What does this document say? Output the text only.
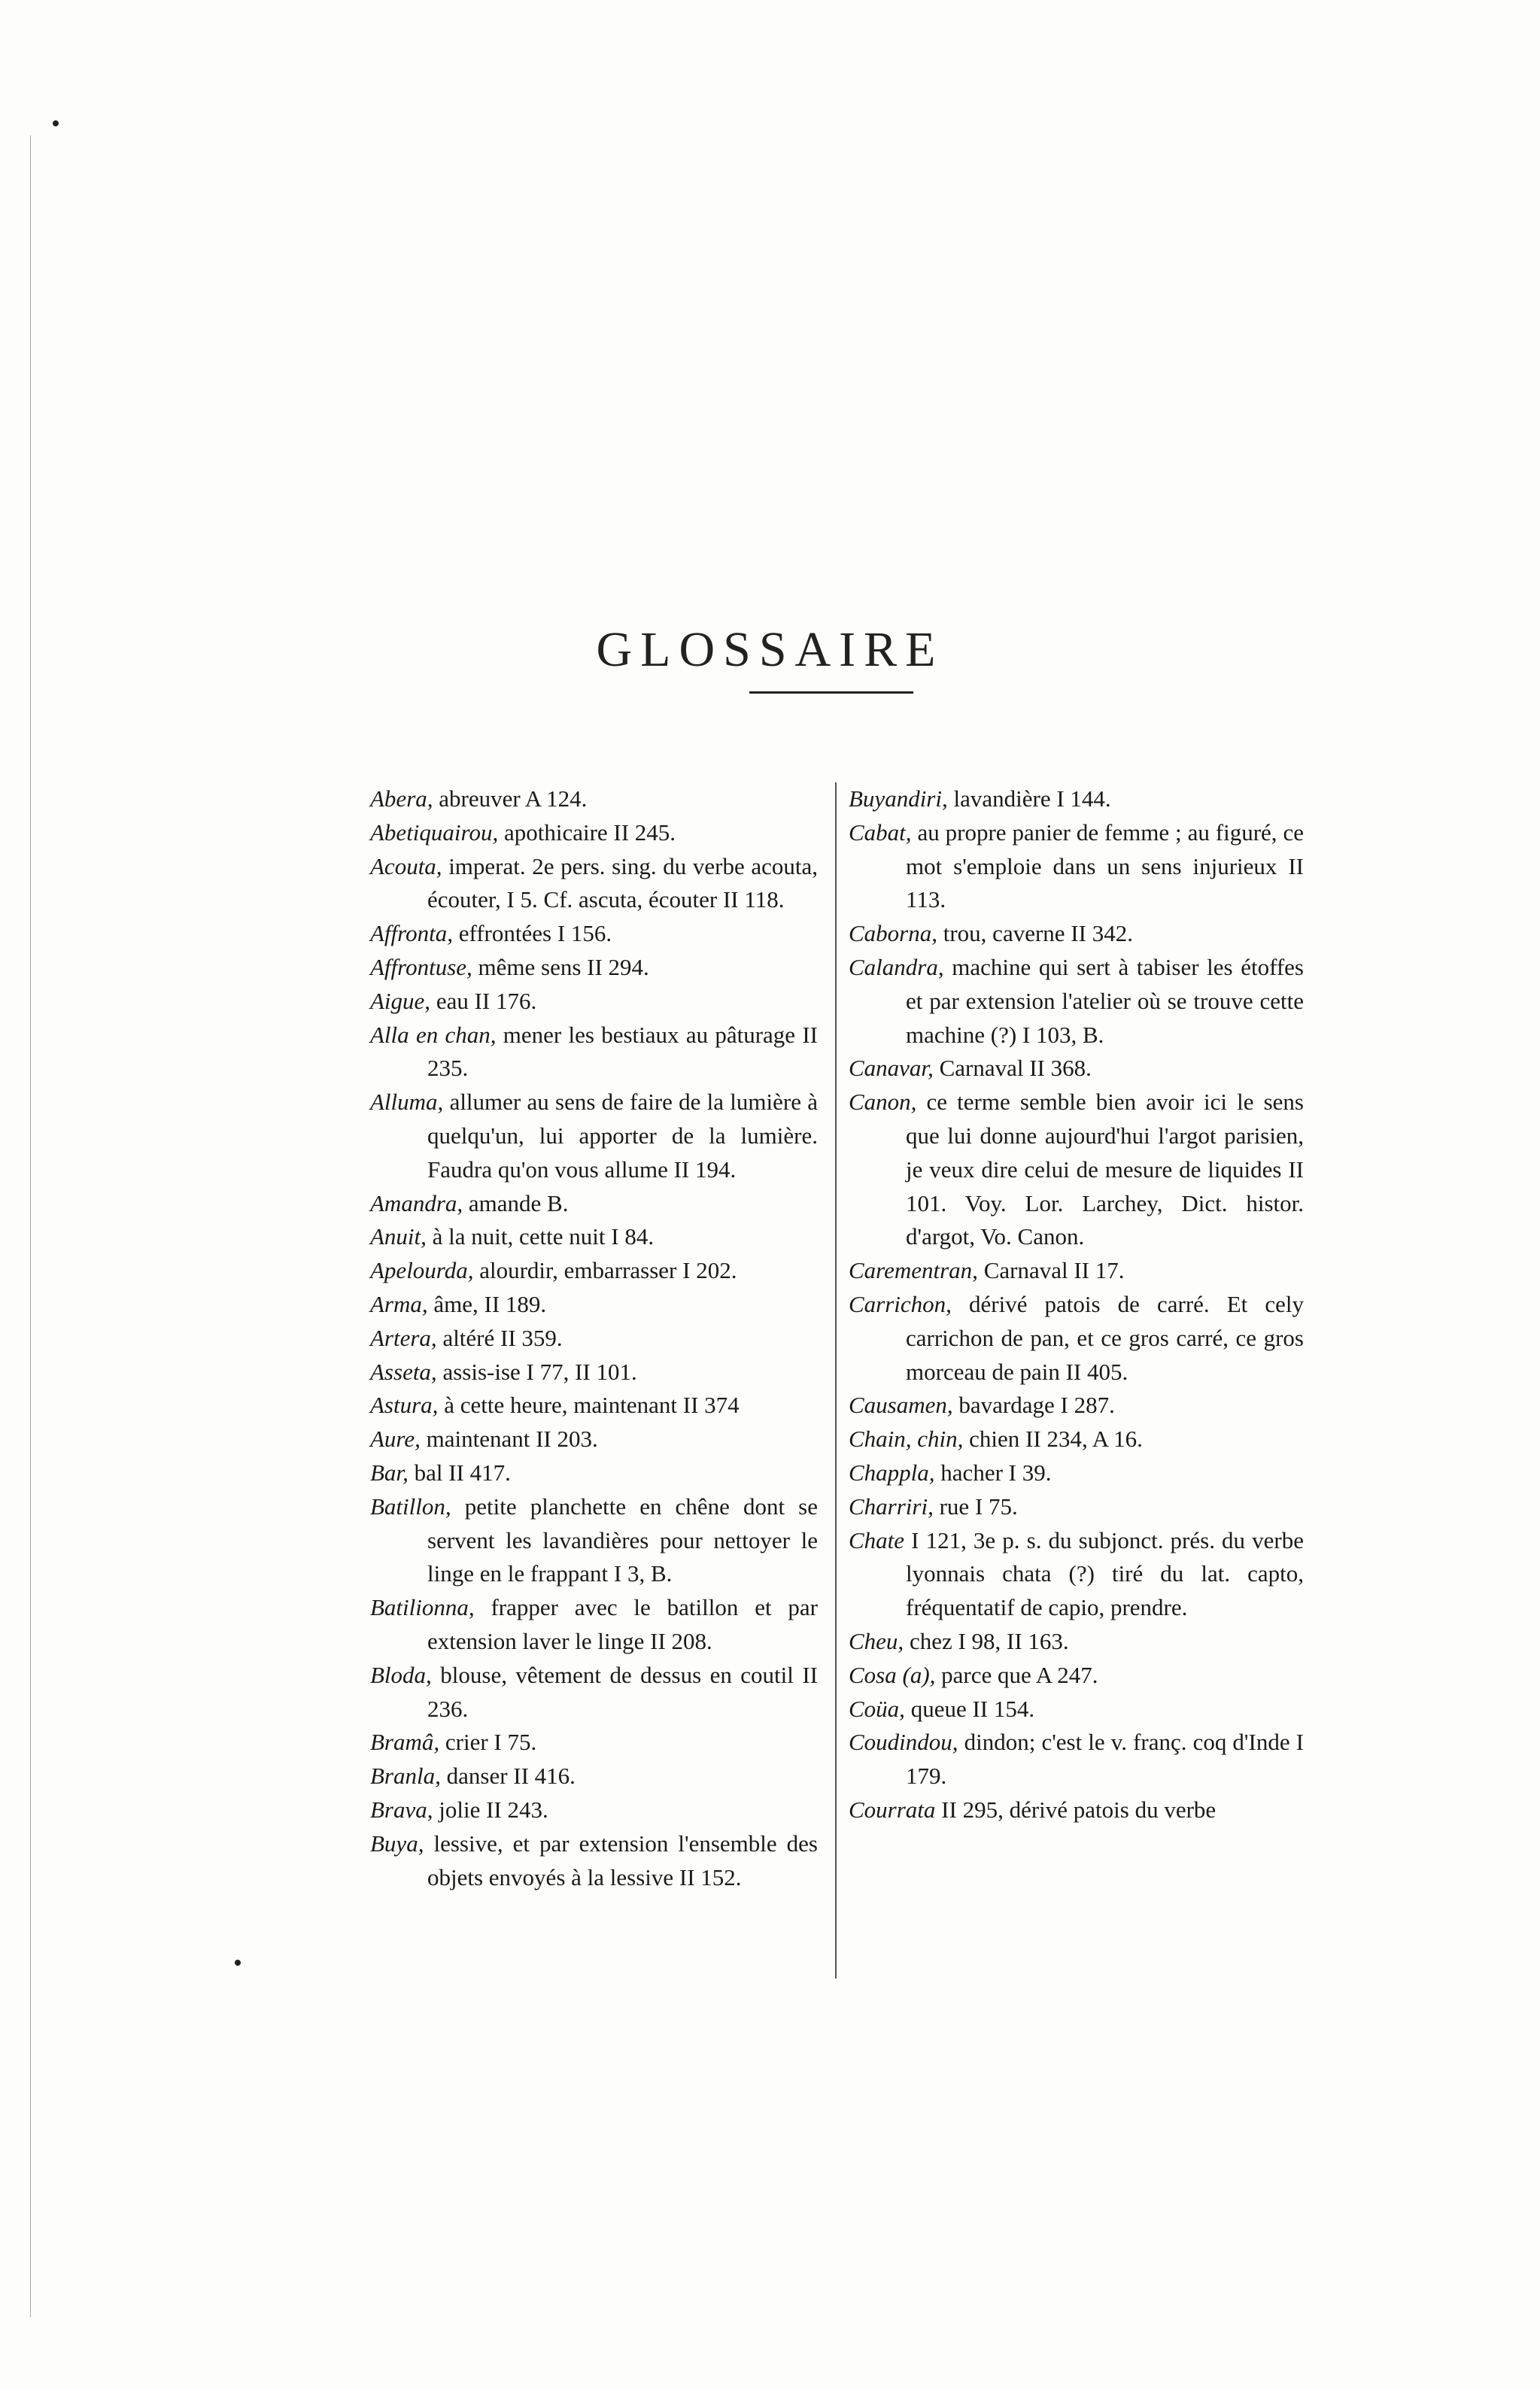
GLOSSAIRE

Abera, abreuver A 124.

Abetiquairou, apothicaire II 245.

Acouta, imperat. 2e pers. sing. du verbe acouta, écouter, I 5. Cf. ascuta, écouter II 118.

Affronta, effrontées I 156.

Affrontuse, même sens II 294.

Aigue, eau II 176.

Alla en chan, mener les bestiaux au pâturage II 235.

Alluma, allumer au sens de faire de la lumière à quelqu'un, lui apporter de la lumière. Faudra qu'on vous allume II 194.

Amandra, amande B.

Anuit, à la nuit, cette nuit I 84.

Apelourda, alourdir, embarrasser I 202.

Arma, âme, II 189.

Artera, altéré II 359.

Asseta, assis-ise I 77, II 101.

Astura, à cette heure, maintenant II 374

Aure, maintenant II 203.

Bar, bal II 417.

Batillon, petite planchette en chêne dont se servent les lavandières pour nettoyer le linge en le frappant I 3, B.

Batilionna, frapper avec le batillon et par extension laver le linge II 208.

Bloda, blouse, vêtement de dessus en coutil II 236.

Bramâ, crier I 75.

Branla, danser II 416.

Brava, jolie II 243.

Buya, lessive, et par extension l'ensemble des objets envoyés à la lessive II 152.

Buyandiri, lavandière I 144.

Cabat, au propre panier de femme ; au figuré, ce mot s'emploie dans un sens injurieux II 113.

Caborna, trou, caverne II 342.

Calandra, machine qui sert à tabiser les étoffes et par extension l'atelier où se trouve cette machine (?) I 103, B.

Canavar, Carnaval II 368.

Canon, ce terme semble bien avoir ici le sens que lui donne aujourd'hui l'argot parisien, je veux dire celui de mesure de liquides II 101. Voy. Lor. Larchey, Dict. histor. d'argot, Vo. Canon.

Carementran, Carnaval II 17.

Carrichon, dérivé patois de carré. Et cely carrichon de pan, et ce gros carré, ce gros morceau de pain II 405.

Causamen, bavardage I 287.

Chain, chin, chien II 234, A 16.

Chappla, hacher I 39.

Charriri, rue I 75.

Chate I 121, 3e p. s. du subjonct. prés. du verbe lyonnais chata (?) tiré du lat. capto, fréquentatif de capio, prendre.

Cheu, chez I 98, II 163.

Cosa (a), parce que A 247.

Coüa, queue II 154.

Coudindou, dindon; c'est le v. franç. coq d'Inde I 179.

Courrata II 295, dérivé patois du verbe
